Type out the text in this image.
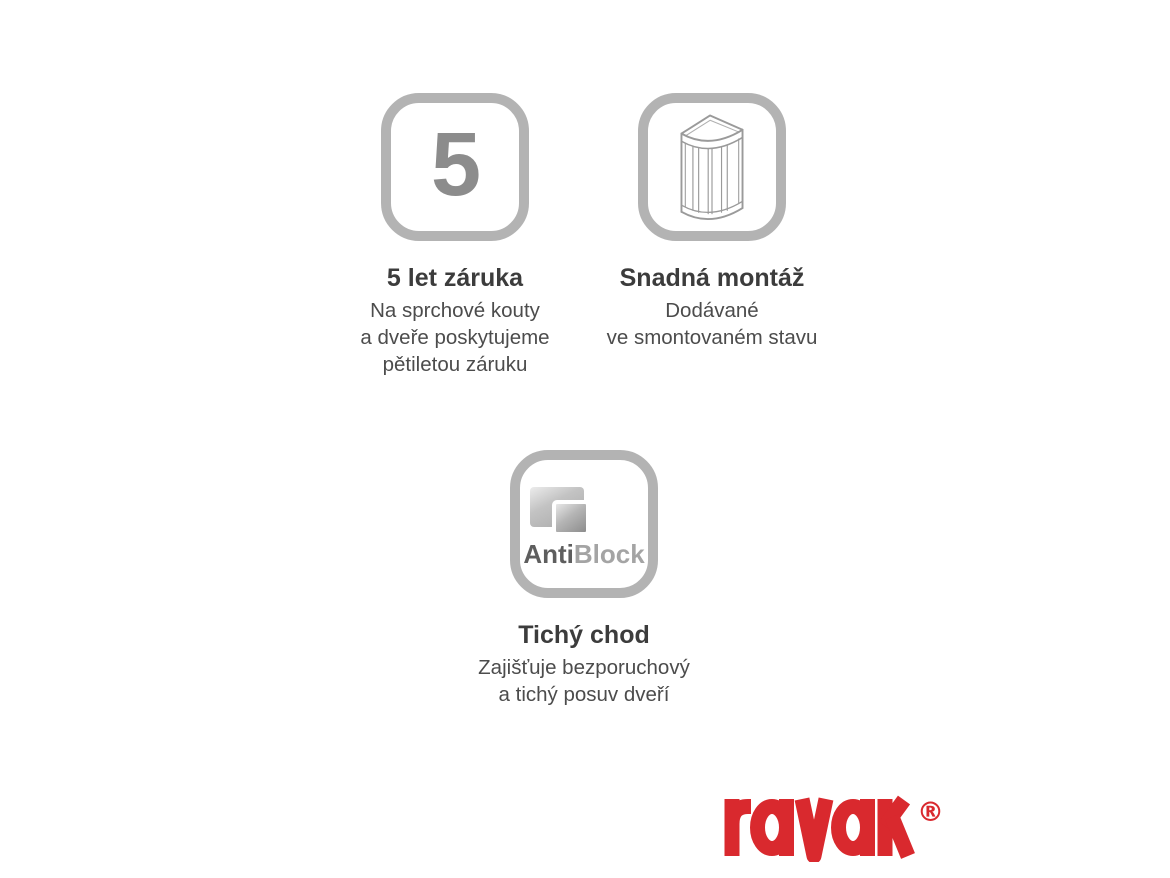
5
5 let záruka
Na sprchové kouty
a dveře poskytujeme
pětiletou záruku
Snadná montáž
Dodávané
ve smontovaném stavu
AntiBlock
Tichý chod
Zajišťuje bezporuchový
a tichý posuv dveří
®
